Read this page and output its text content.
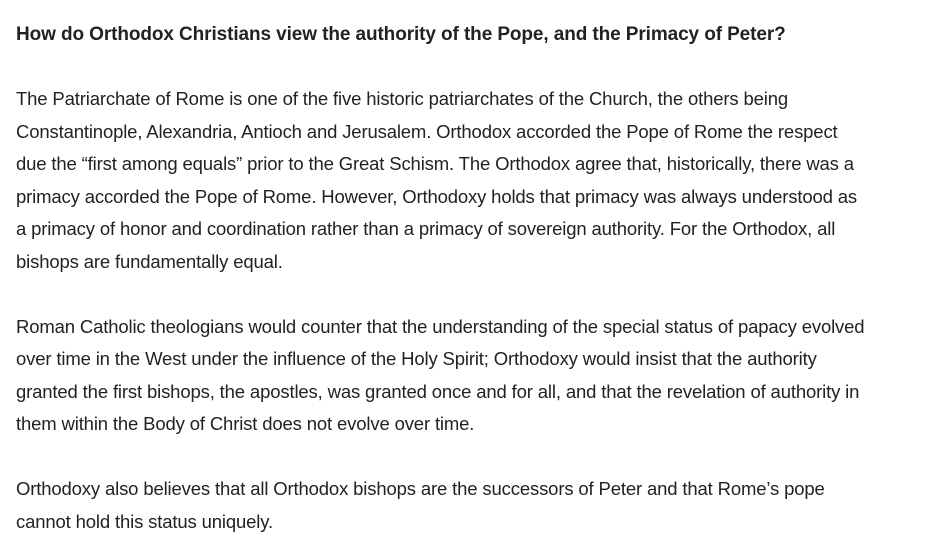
How do Orthodox Christians view the authority of the Pope, and the Primacy of Peter?

The Patriarchate of Rome is one of the five historic patriarchates of the Church, the others being Constantinople, Alexandria, Antioch and Jerusalem. Orthodox accorded the Pope of Rome the respect due the “first among equals” prior to the Great Schism. The Orthodox agree that, historically, there was a primacy accorded the Pope of Rome. However, Orthodoxy holds that primacy was always understood as a primacy of honor and coordination rather than a primacy of sovereign authority. For the Orthodox, all bishops are fundamentally equal.

Roman Catholic theologians would counter that the understanding of the special status of papacy evolved over time in the West under the influence of the Holy Spirit; Orthodoxy would insist that the authority granted the first bishops, the apostles, was granted once and for all, and that the revelation of authority in them within the Body of Christ does not evolve over time.

Orthodoxy also believes that all Orthodox bishops are the successors of Peter and that Rome’s pope cannot hold this status uniquely.
